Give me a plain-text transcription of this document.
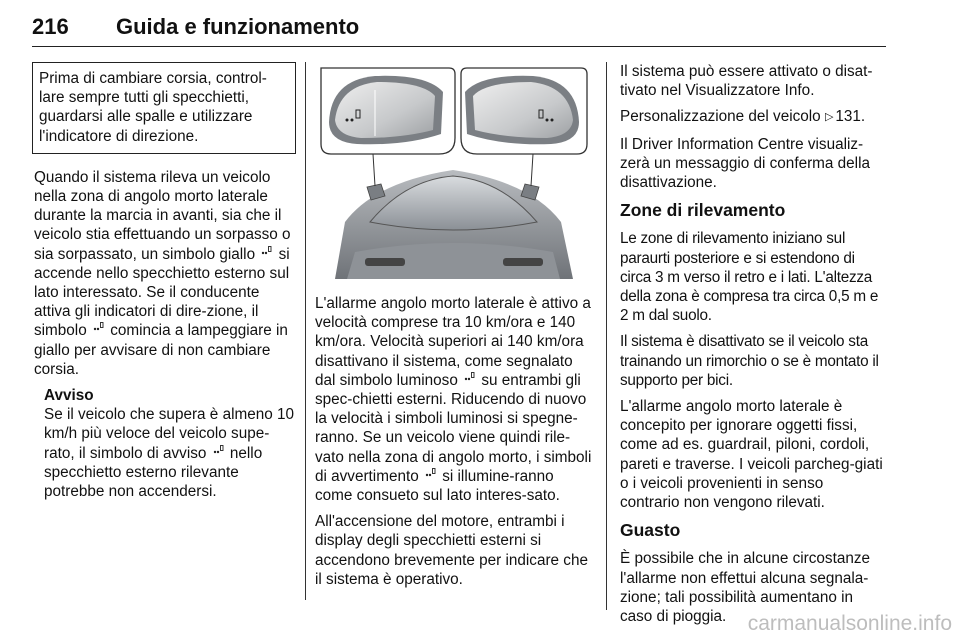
216 Guida e funzionamento
Prima di cambiare corsia, control-lare sempre tutti gli specchietti, guardarsi alle spalle e utilizzare l'indicatore di direzione.

Quando il sistema rileva un veicolo nella zona di angolo morto laterale durante la marcia in avanti, sia che il veicolo stia effettuando un sorpasso o sia sorpassato, un simbolo giallo si accende nello specchietto esterno sul lato interessato. Se il conducente attiva gli indicatori di dire-zione, il simbolo comincia a lampeggiare in giallo per avvisare di non cambiare corsia.

Avviso
Se il veicolo che supera è almeno 10 km/h più veloce del veicolo supe-rato, il simbolo di avviso nello specchietto esterno rilevante potrebbe non accendersi.

L'allarme angolo morto laterale è attivo a velocità comprese tra 10 km/ora e 140 km/ora. Velocità superiori ai 140 km/ora disattivano il sistema, come segnalato dal simbolo luminoso su entrambi gli spec-chietti esterni. Riducendo di nuovo la velocità i simboli luminosi si spegne-ranno. Se un veicolo viene quindi rile-vato nella zona di angolo morto, i simboli di avvertimento si illumine-ranno come consueto sul lato interes-sato.

All'accensione del motore, entrambi i display degli specchietti esterni si accendono brevemente per indicare che il sistema è operativo.

Il sistema può essere attivato o disat-tivato nel Visualizzatore Info.

Personalizzazione del veicolo ▷ 131.

Il Driver Information Centre visualiz-zerà un messaggio di conferma della disattivazione.

Zone di rilevamento

Le zone di rilevamento iniziano sul paraurti posteriore e si estendono di circa 3 m verso il retro e i lati. L'altezza della zona è compresa tra circa 0,5 m e 2 m dal suolo.

Il sistema è disattivato se il veicolo sta trainando un rimorchio o se è montato il supporto per bici.

L'allarme angolo morto laterale è concepito per ignorare oggetti fissi, come ad es. guardrail, piloni, cordoli, pareti e traverse. I veicoli parcheg-giati o i veicoli provenienti in senso contrario non vengono rilevati.

Guasto

È possibile che in alcune circostanze l'allarme non effettui alcuna segnala-zione; tali possibilità aumentano in caso di pioggia.	carmanualsonline.info
